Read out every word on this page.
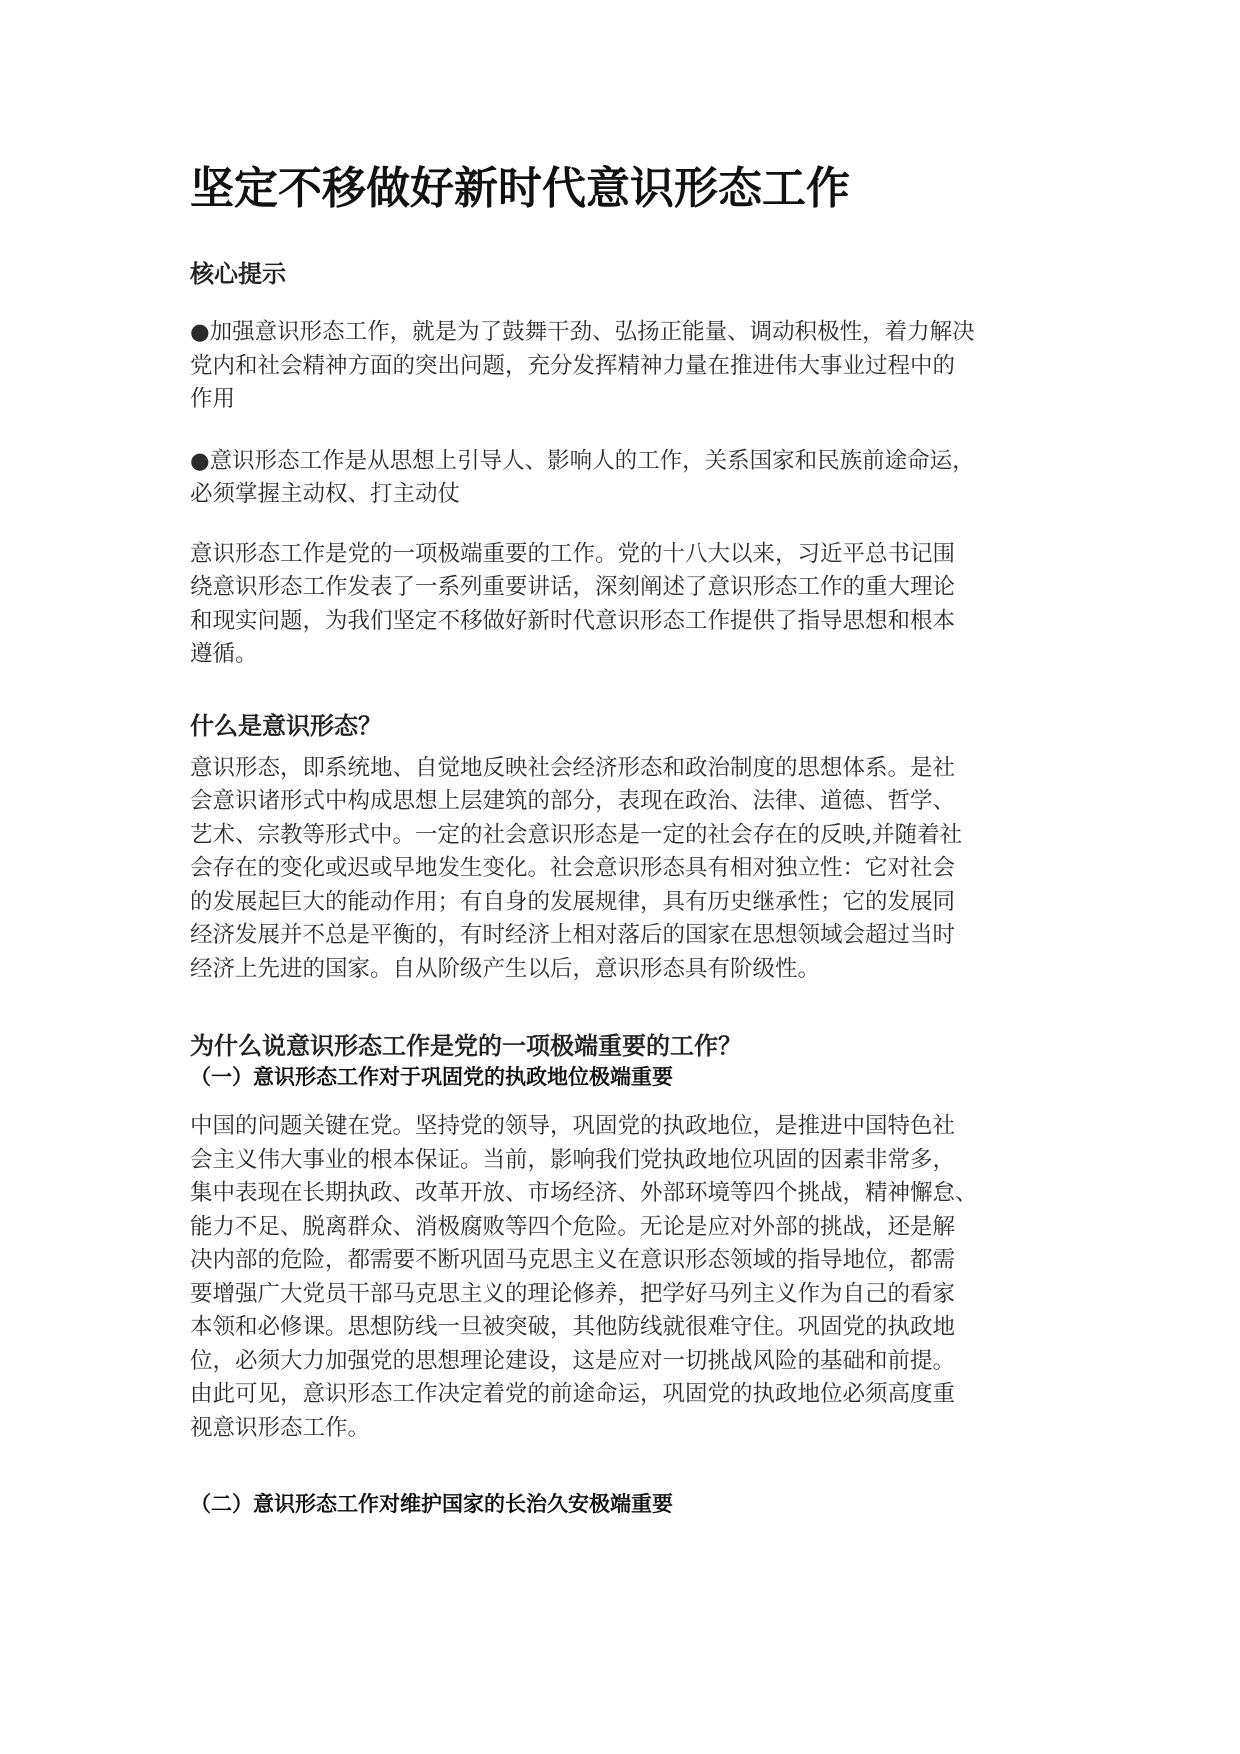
坚定不移做好新时代意识形态工作
核心提示

●加强意识形态工作，就是为了鼓舞干劲、弘扬正能量、调动积极性，着力解决
党内和社会精神方面的突出问题，充分发挥精神力量在推进伟大事业过程中的
作用

●意识形态工作是从思想上引导人、影响人的工作，关系国家和民族前途命运，
必须掌握主动权、打主动仗

意识形态工作是党的一项极端重要的工作。党的十八大以来，习近平总书记围
绕意识形态工作发表了一系列重要讲话，深刻阐述了意识形态工作的重大理论
和现实问题，为我们坚定不移做好新时代意识形态工作提供了指导思想和根本
遵循。

什么是意识形态？

意识形态，即系统地、自觉地反映社会经济形态和政治制度的思想体系。是社
会意识诸形式中构成思想上层建筑的部分，表现在政治、法律、道德、哲学、
艺术、宗教等形式中。一定的社会意识形态是一定的社会存在的反映,并随着社
会存在的变化或迟或早地发生变化。社会意识形态具有相对独立性：它对社会
的发展起巨大的能动作用；有自身的发展规律，具有历史继承性；它的发展同
经济发展并不总是平衡的，有时经济上相对落后的国家在思想领域会超过当时
经济上先进的国家。自从阶级产生以后，意识形态具有阶级性。

为什么说意识形态工作是党的一项极端重要的工作？
（一）意识形态工作对于巩固党的执政地位极端重要

中国的问题关键在党。坚持党的领导，巩固党的执政地位，是推进中国特色社
会主义伟大事业的根本保证。当前，影响我们党执政地位巩固的因素非常多，
集中表现在长期执政、改革开放、市场经济、外部环境等四个挑战，精神懈怠、
能力不足、脱离群众、消极腐败等四个危险。无论是应对外部的挑战，还是解
决内部的危险，都需要不断巩固马克思主义在意识形态领域的指导地位，都需
要增强广大党员干部马克思主义的理论修养，把学好马列主义作为自己的看家
本领和必修课。思想防线一旦被突破，其他防线就很难守住。巩固党的执政地
位，必须大力加强党的思想理论建设，这是应对一切挑战风险的基础和前提。
由此可见，意识形态工作决定着党的前途命运，巩固党的执政地位必须高度重
视意识形态工作。

（二）意识形态工作对维护国家的长治久安极端重要
